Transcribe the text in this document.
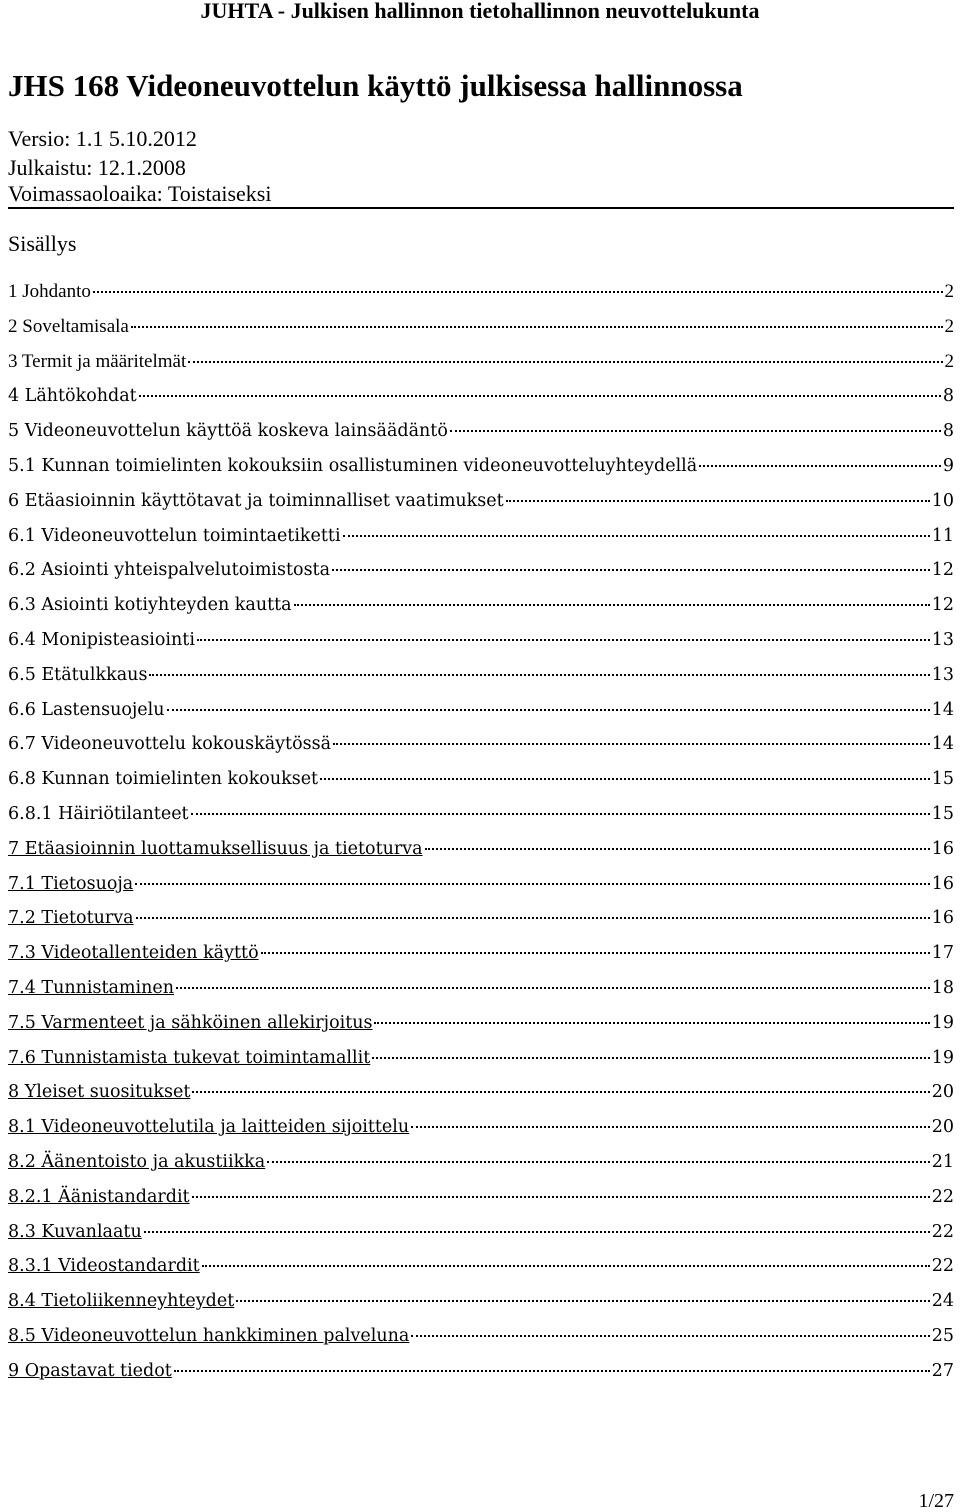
JUHTA - Julkisen hallinnon tietohallinnon neuvottelukunta
JHS 168 Videoneuvottelun käyttö julkisessa hallinnossa
Versio: 1.1 5.10.2012
Julkaistu: 12.1.2008
Voimassaoloaika: Toistaiseksi
Sisällys
1 Johdanto	2
2 Soveltamisala	2
3 Termit ja määritelmät	2
4 Lähtökohdat	8
5 Videoneuvottelun käyttöä koskeva lainsäädäntö	8
5.1 Kunnan toimielinten kokouksiin osallistuminen videoneuvotteluyhteydellä	9
6 Etäasioinnin käyttötavat ja toiminnalliset vaatimukset	10
6.1 Videoneuvottelun toimintaetiketti	11
6.2 Asiointi yhteispalvelutoimistosta	12
6.3 Asiointi kotiyhteyden kautta	12
6.4 Monipisteasiointi	13
6.5 Etätulkkaus	13
6.6 Lastensuojelu	14
6.7 Videoneuvottelu kokouskäytössä	14
6.8 Kunnan toimielinten kokoukset	15
6.8.1 Häiriötilanteet	15
7 Etäasioinnin luottamuksellisuus ja tietoturva	16
7.1 Tietosuoja	16
7.2 Tietoturva	16
7.3 Videotallenteiden käyttö	17
7.4 Tunnistaminen	18
7.5 Varmenteet ja sähköinen allekirjoitus	19
7.6 Tunnistamista tukevat toimintamallit	19
8 Yleiset suositukset	20
8.1 Videoneuvottelutila ja laitteiden sijoittelu	20
8.2 Äänentoisto ja akustiikka	21
8.2.1 Äänistandardit	22
8.3 Kuvanlaatu	22
8.3.1 Videostandardit	22
8.4 Tietoliikenneyhteydet	24
8.5 Videoneuvottelun hankkiminen palveluna	25
9 Opastavat tiedot	27
1/27
